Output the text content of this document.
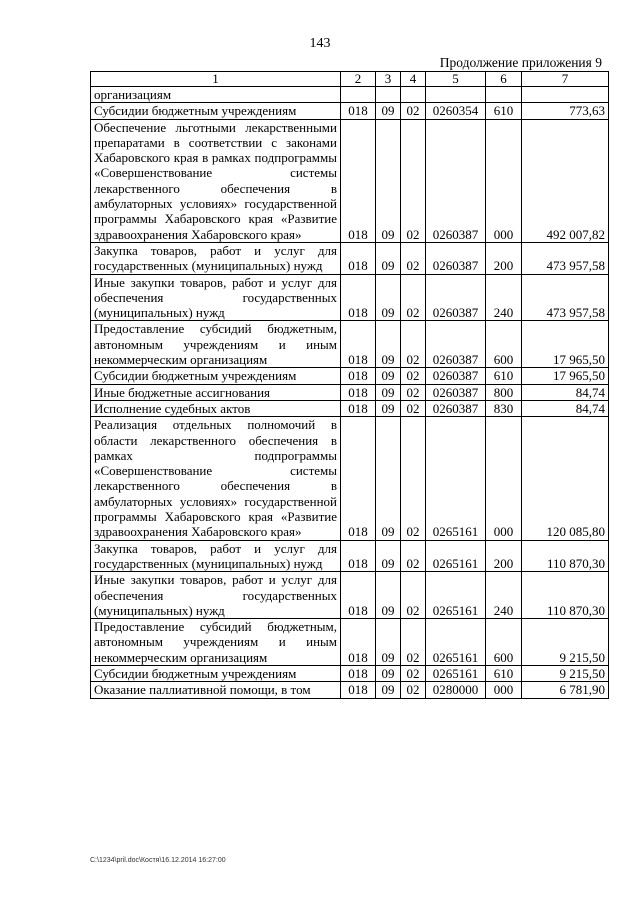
143
Продолжение приложения 9
1	2	3	4	5	6	7
организациям						
Субсидии бюджетным учреждениям	018	09	02	0260354	610	773,63
Обеспечение льготными лекарственными препаратами в соответствии с законами Хабаровского края в рамках подпрограммы «Совершенствование системы лекарственного обеспечения в амбулаторных условиях» государственной программы Хабаровского края «Развитие здравоохранения Хабаровского края»	018	09	02	0260387	000	492 007,82
Закупка товаров, работ и услуг для государственных (муниципальных) нужд	018	09	02	0260387	200	473 957,58
Иные закупки товаров, работ и услуг для обеспечения государственных (муниципальных) нужд	018	09	02	0260387	240	473 957,58
Предоставление субсидий бюджетным, автономным учреждениям и иным некоммерческим организациям	018	09	02	0260387	600	17 965,50
Субсидии бюджетным учреждениям	018	09	02	0260387	610	17 965,50
Иные бюджетные ассигнования	018	09	02	0260387	800	84,74
Исполнение судебных актов	018	09	02	0260387	830	84,74
Реализация отдельных полномочий в области лекарственного обеспечения в рамках подпрограммы «Совершенствование системы лекарственного обеспечения в амбулаторных условиях» государственной программы Хабаровского края «Развитие здравоохранения Хабаровского края»	018	09	02	0265161	000	120 085,80
Закупка товаров, работ и услуг для государственных (муниципальных) нужд	018	09	02	0265161	200	110 870,30
Иные закупки товаров, работ и услуг для обеспечения государственных (муниципальных) нужд	018	09	02	0265161	240	110 870,30
Предоставление субсидий бюджетным, автономным учреждениям и иным некоммерческим организациям	018	09	02	0265161	600	9 215,50
Субсидии бюджетным учреждениям	018	09	02	0265161	610	9 215,50
Оказание паллиативной помощи, в том	018	09	02	0280000	000	6 781,90
C:\1234\pril.doc\Костя\16.12.2014 16:27:00
